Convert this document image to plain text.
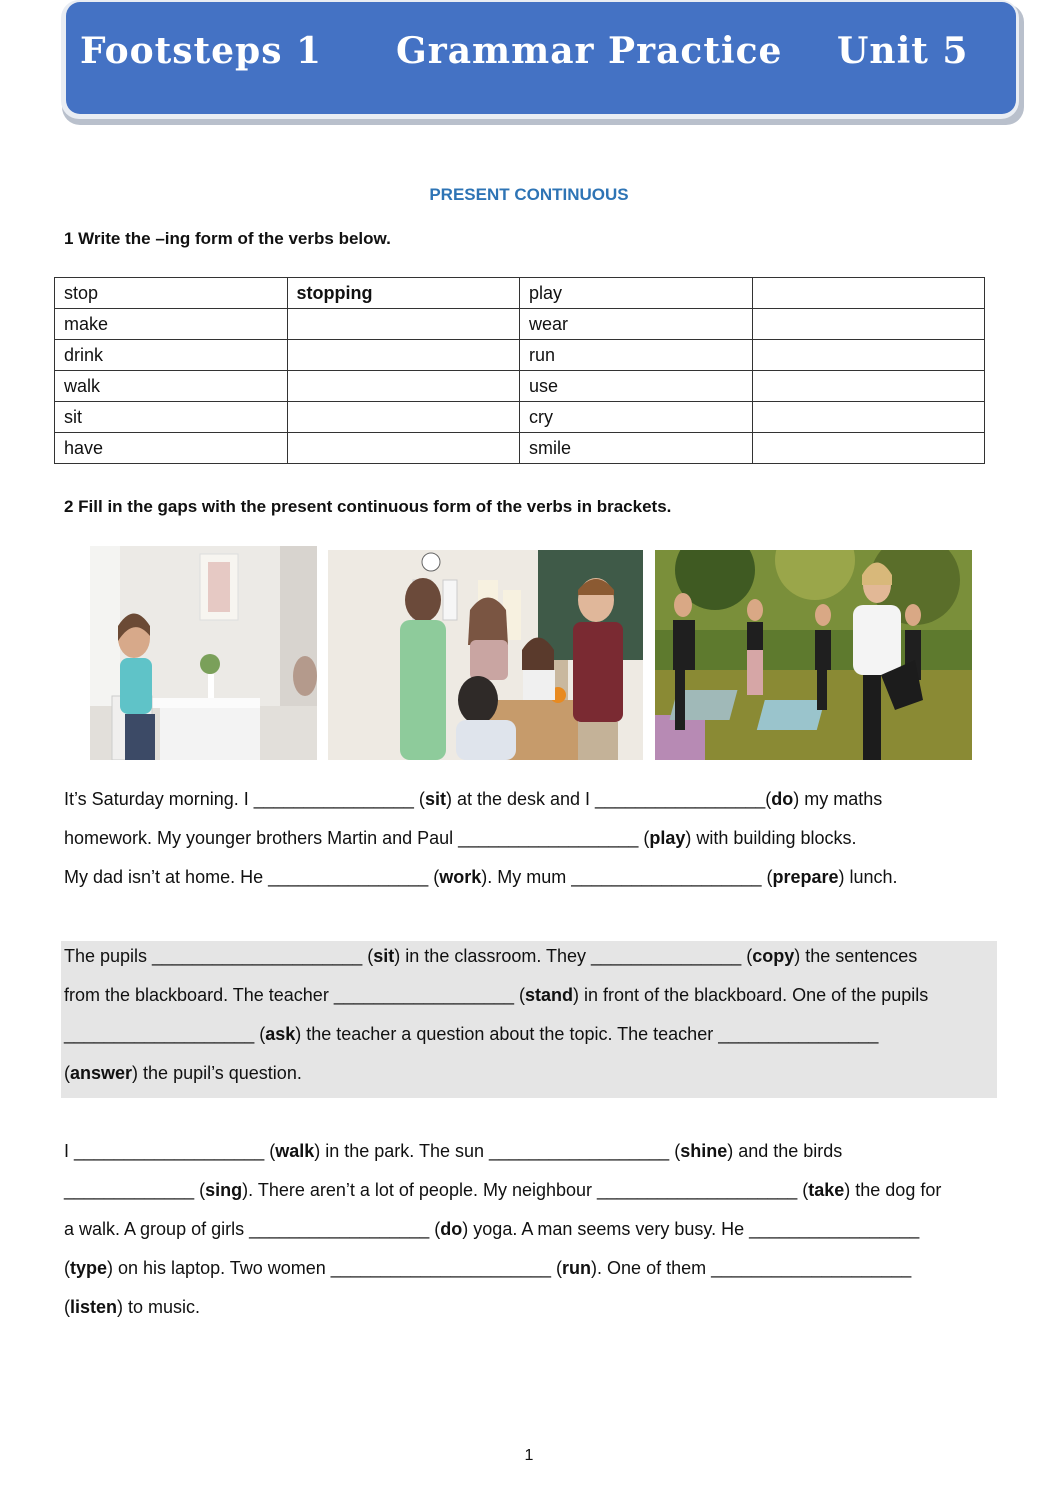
Footsteps 1 Grammar Practice Unit 5
PRESENT CONTINUOUS
1 Write the –ing form of the verbs below.
stop	stopping	play	
make		wear	
drink		run	
walk		use	
sit		cry	
have		smile	
2 Fill in the gaps with the present continuous form of the verbs in brackets.
It’s Saturday morning. I ________________ (sit) at the desk and I _________________(do) my maths
homework. My younger brothers Martin and Paul __________________ (play) with building blocks.
My dad isn’t at home. He ________________ (work). My mum ___________________ (prepare) lunch.
The pupils _____________________ (sit) in the classroom. They _______________ (copy) the sentences
from the blackboard. The teacher __________________ (stand) in front of the blackboard. One of the pupils
___________________ (ask) the teacher a question about the topic. The teacher ________________
(answer) the pupil’s question.
I ___________________ (walk) in the park. The sun __________________ (shine) and the birds
_____________ (sing). There aren’t a lot of people. My neighbour ____________________ (take) the dog for
a walk. A group of girls __________________ (do) yoga. A man seems very busy. He _________________
(type) on his laptop. Two women ______________________ (run). One of them ____________________
(listen) to music.
1
